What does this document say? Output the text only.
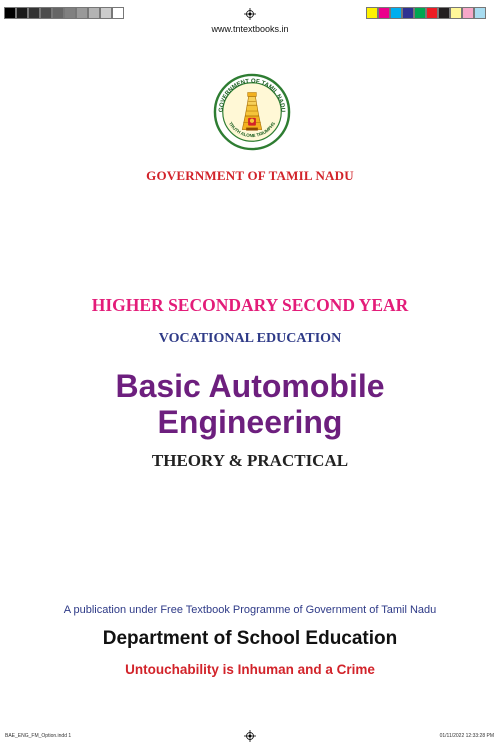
www.tntextbooks.in
GOVERNMENT OF TAMIL NADU
TRUTH ALONE TRIUMPHS
GOVERNMENT OF TAMIL NADU
HIGHER SECONDARY SECOND YEAR
VOCATIONAL EDUCATION
Basic Automobile
Engineering
THEORY & PRACTICAL
A publication under Free Textbook Programme of Government of Tamil Nadu
Department of School Education
Untouchability is Inhuman and a Crime
BAE_ENG_FM_Option.indd 1	01/11/2022 12:33:28 PM
